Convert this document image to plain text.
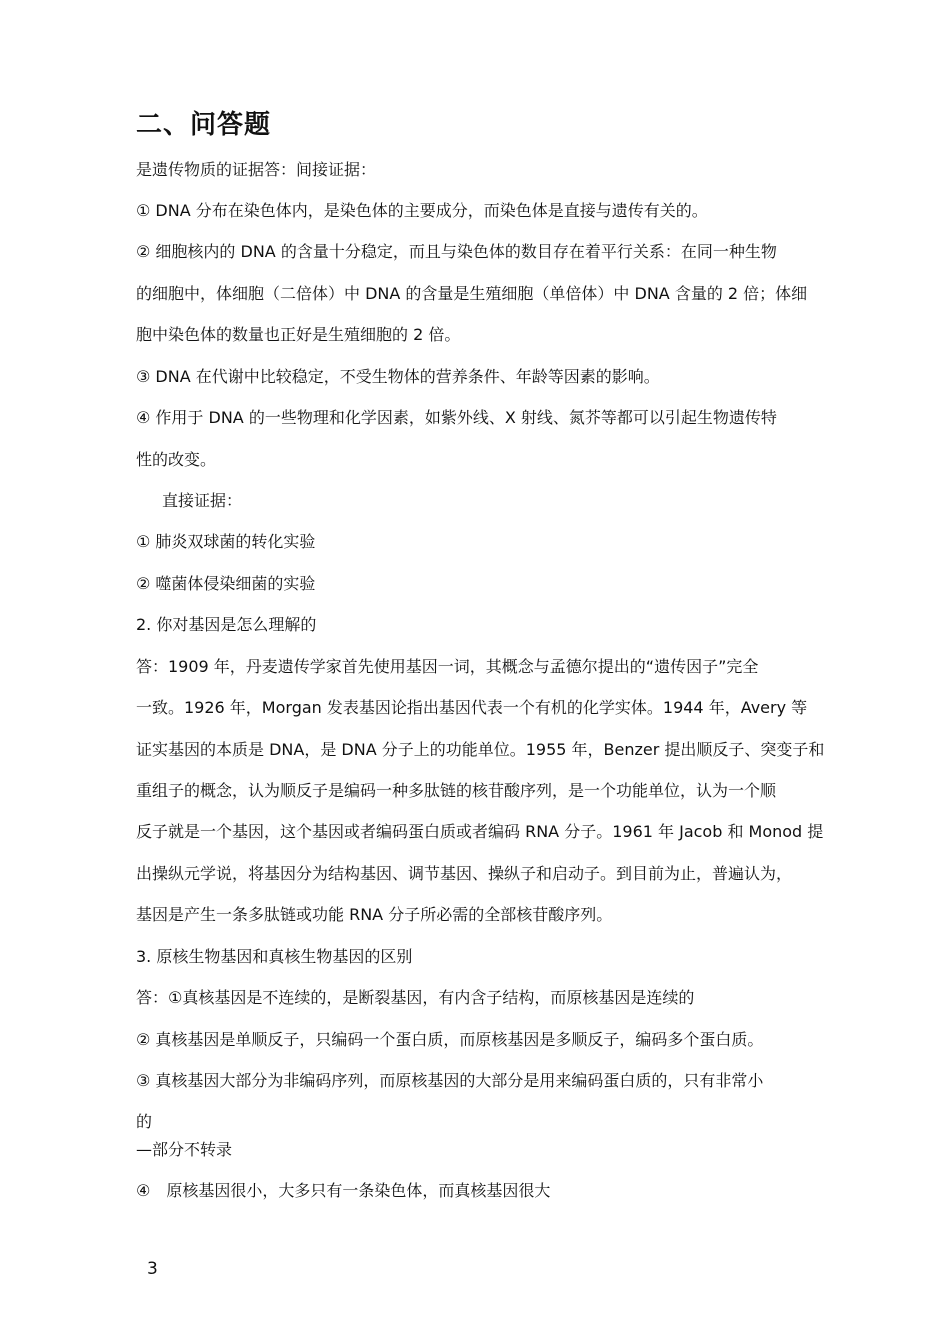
二、问答题
是遗传物质的证据答：间接证据：
① DNA 分布在染色体内，是染色体的主要成分，而染色体是直接与遗传有关的。
② 细胞核内的 DNA 的含量十分稳定，而且与染色体的数目存在着平行关系：在同一种生物
的细胞中，体细胞（二倍体）中 DNA 的含量是生殖细胞（单倍体）中 DNA 含量的 2 倍；体细
胞中染色体的数量也正好是生殖细胞的 2 倍。
③ DNA 在代谢中比较稳定，不受生物体的营养条件、年龄等因素的影响。
④ 作用于 DNA 的一些物理和化学因素，如紫外线、X 射线、氮芥等都可以引起生物遗传特
性的改变。
直接证据：
① 肺炎双球菌的转化实验
② 噬菌体侵染细菌的实验
2. 你对基因是怎么理解的
答：1909 年，丹麦遗传学家首先使用基因一词，其概念与孟德尔提出的“遗传因子”完全
一致。1926 年，Morgan 发表基因论指出基因代表一个有机的化学实体。1944 年，Avery 等
证实基因的本质是 DNA，是 DNA 分子上的功能单位。1955 年，Benzer 提出顺反子、突变子和
重组子的概念，认为顺反子是编码一种多肽链的核苷酸序列，是一个功能单位，认为一个顺
反子就是一个基因，这个基因或者编码蛋白质或者编码 RNA 分子。1961 年 Jacob 和 Monod 提
出操纵元学说，将基因分为结构基因、调节基因、操纵子和启动子。到目前为止，普遍认为，
基因是产生一条多肽链或功能 RNA 分子所必需的全部核苷酸序列。
3. 原核生物基因和真核生物基因的区别
答：①真核基因是不连续的，是断裂基因，有内含子结构，而原核基因是连续的
② 真核基因是单顺反子，只编码一个蛋白质，而原核基因是多顺反子，编码多个蛋白质。
③ 真核基因大部分为非编码序列，而原核基因的大部分是用来编码蛋白质的，只有非常小
的
—部分不转录
④　原核基因很小，大多只有一条染色体，而真核基因很大
3
